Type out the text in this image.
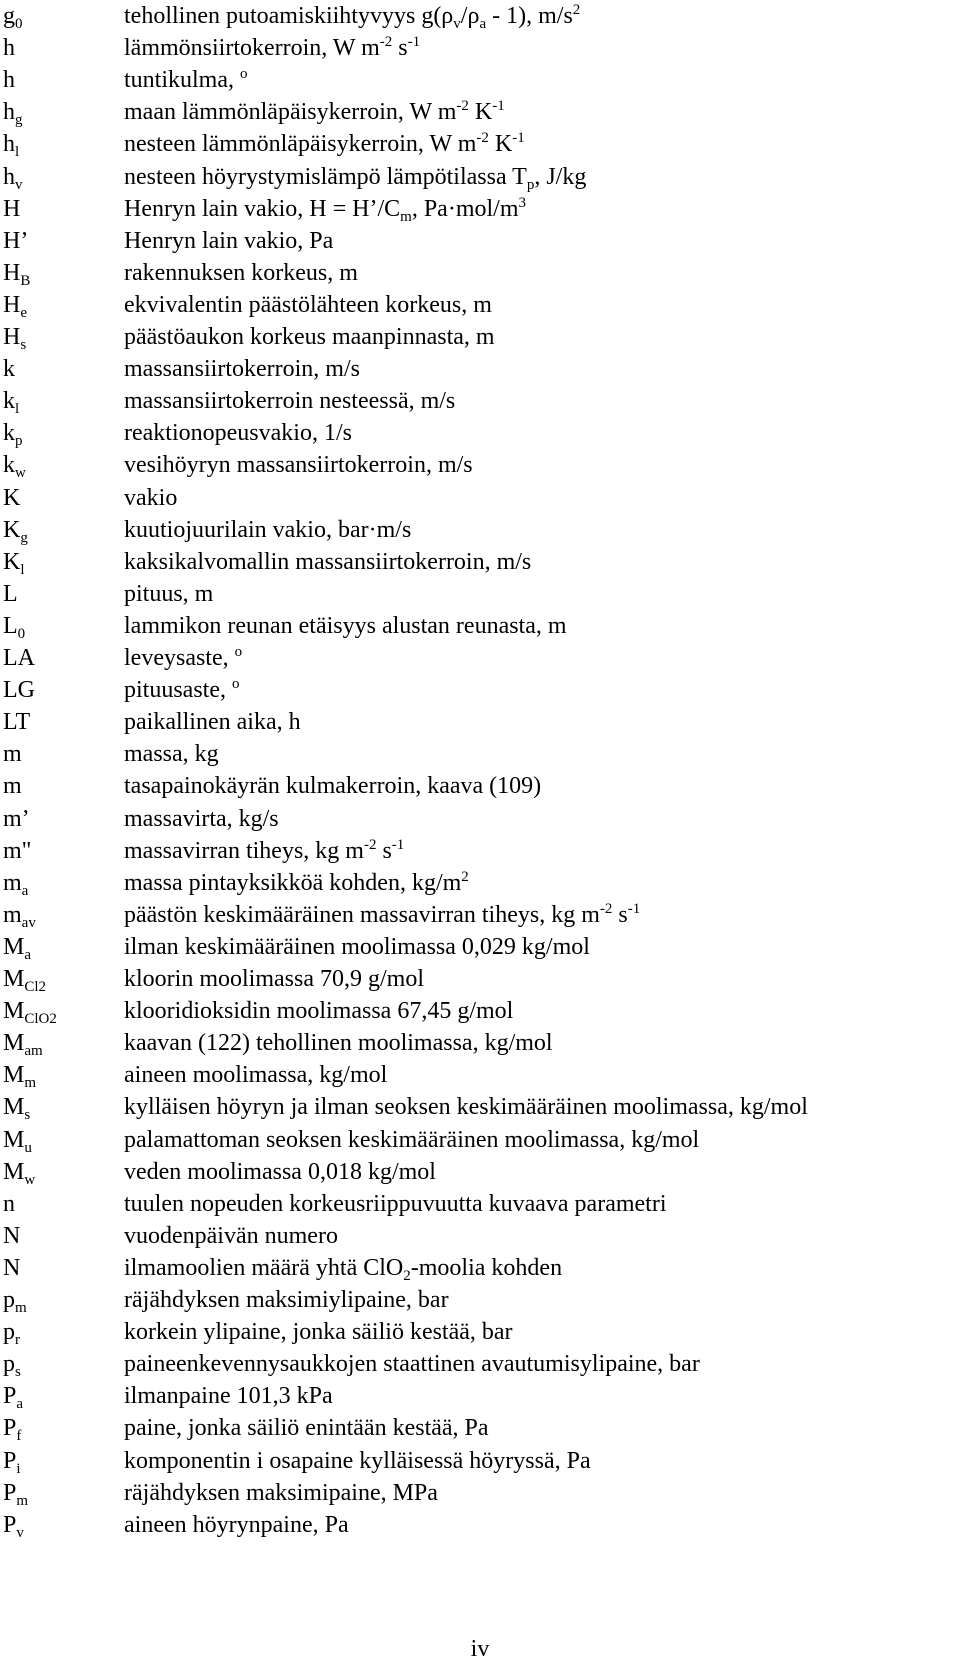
$g_0$	tehollinen putoamiskiihtyvyys $g(\rho_v/\rho_a - 1)$, $m/s^2$
h	lämmönsiirtokerroin, W $m^{-2}$ $s^{-1}$
h	tuntikulma, $^o$
$h_g$	maan lämmönläpäisykerroin, W $m^{-2}$ $K^{-1}$
$h_l$	nesteen lämmönläpäisykerroin, W $m^{-2}$ $K^{-1}$
$h_v$	nesteen höyrystymislämpö lämpötilassa $T_p$, J/kg
H	Henryn lain vakio, $H = H’/C_m$, $Pa\cdot mol/m^3$
H’	Henryn lain vakio, Pa
$H_B$	rakennuksen korkeus, m
$H_e$	ekvivalentin päästölähteen korkeus, m
$H_s$	päästöaukon korkeus maanpinnasta, m
k	massansiirtokerroin, m/s
$k_l$	massansiirtokerroin nesteessä, m/s
$k_p$	reaktionopeusvakio, 1/s
$k_w$	vesihöyryn massansiirtokerroin, m/s
K	vakio
$K_g$	kuutiojuurilain vakio, bar·m/s
$K_l$	kaksikalvomallin massansiirtokerroin, m/s
L	pituus, m
$L_0$	lammikon reunan etäisyys alustan reunasta, m
LA	leveysaste, $^o$
LG	pituusaste, $^o$
LT	paikallinen aika, h
m	massa, kg
m	tasapainokäyrän kulmakerroin, kaava (109)
m’	massavirta, kg/s
m"	massavirran tiheys, kg $m^{-2}$ $s^{-1}$
$m_a$	massa pintayksikköä kohden, $kg/m^2$
$m_{av}$	päästön keskimääräinen massavirran tiheys, kg $m^{-2}$ $s^{-1}$
$M_a$	ilman keskimääräinen moolimassa 0,029 kg/mol
$M_{Cl2}$	kloorin moolimassa 70,9 g/mol
$M_{ClO2}$	klooridioksidin moolimassa 67,45 g/mol
$M_{am}$	kaavan (122) tehollinen moolimassa, kg/mol
$M_m$	aineen moolimassa, kg/mol
$M_s$	kylläisen höyryn ja ilman seoksen keskimääräinen moolimassa, kg/mol
$M_u$	palamattoman seoksen keskimääräinen moolimassa, kg/mol
$M_w$	veden moolimassa 0,018 kg/mol
n	tuulen nopeuden korkeusriippuvuutta kuvaava parametri
N	vuodenpäivän numero
N	ilmamoolien määrä yhtä ClO$_2$-moolia kohden
$p_m$	räjähdyksen maksimiylipaine, bar
$p_r$	korkein ylipaine, jonka säiliö kestää, bar
$p_s$	paineenkevennysaukkojen staattinen avautumisylipaine, bar
$P_a$	ilmanpaine 101,3 kPa
$P_f$	paine, jonka säiliö enintään kestää, Pa
$P_i$	komponentin i osapaine kylläisessä höyryssä, Pa
$P_m$	räjähdyksen maksimipaine, MPa
$P_v$	aineen höyrynpaine, Pa
iv
